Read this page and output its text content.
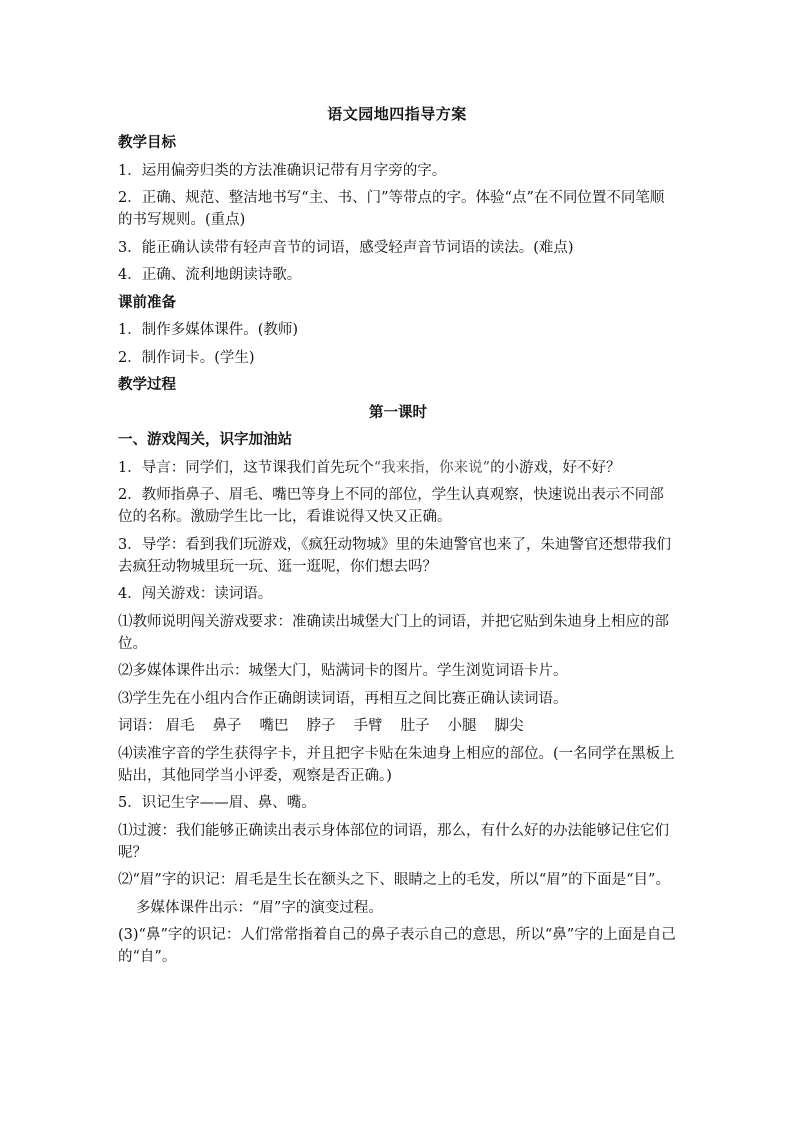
语文园地四指导方案

教学目标

1．运用偏旁归类的方法准确识记带有月字旁的字。

2．正确、规范、整洁地书写“主、书、门”等带点的字。体验“点”在不同位置不同笔顺的书写规则。(重点)

3．能正确认读带有轻声音节的词语，感受轻声音节词语的读法。(难点)

4．正确、流利地朗读诗歌。

课前准备

1．制作多媒体课件。(教师)

2．制作词卡。(学生)

教学过程

第一课时

一、游戏闯关，识字加油站

1．导言：同学们，这节课我们首先玩个“我来指，你来说”的小游戏，好不好？

2．教师指鼻子、眉毛、嘴巴等身上不同的部位，学生认真观察，快速说出表示不同部位的名称。激励学生比一比，看谁说得又快又正确。

3．导学：看到我们玩游戏，《疯狂动物城》里的朱迪警官也来了，朱迪警官还想带我们去疯狂动物城里玩一玩、逛一逛呢，你们想去吗？

4．闯关游戏：读词语。

⑴教师说明闯关游戏要求：准确读出城堡大门上的词语，并把它贴到朱迪身上相应的部位。

⑵多媒体课件出示：城堡大门，贴满词卡的图片。学生浏览词语卡片。

⑶学生先在小组内合作正确朗读词语，再相互之间比赛正确认读词语。

词语： 眉毛 鼻子 嘴巴 脖子 手臂 肚子 小腿 脚尖

⑷读准字音的学生获得字卡，并且把字卡贴在朱迪身上相应的部位。(一名同学在黑板上贴出，其他同学当小评委，观察是否正确。)

5．识记生字——眉、鼻、嘴。

⑴过渡：我们能够正确读出表示身体部位的词语，那么，有什么好的办法能够记住它们呢？

⑵“眉”字的识记：眉毛是生长在额头之下、眼睛之上的毛发，所以“眉”的下面是“目”。

多媒体课件出示：“眉”字的演变过程。

(3)“鼻”字的识记：人们常常指着自己的鼻子表示自己的意思，所以“鼻”字的上面是自己的“自”。
